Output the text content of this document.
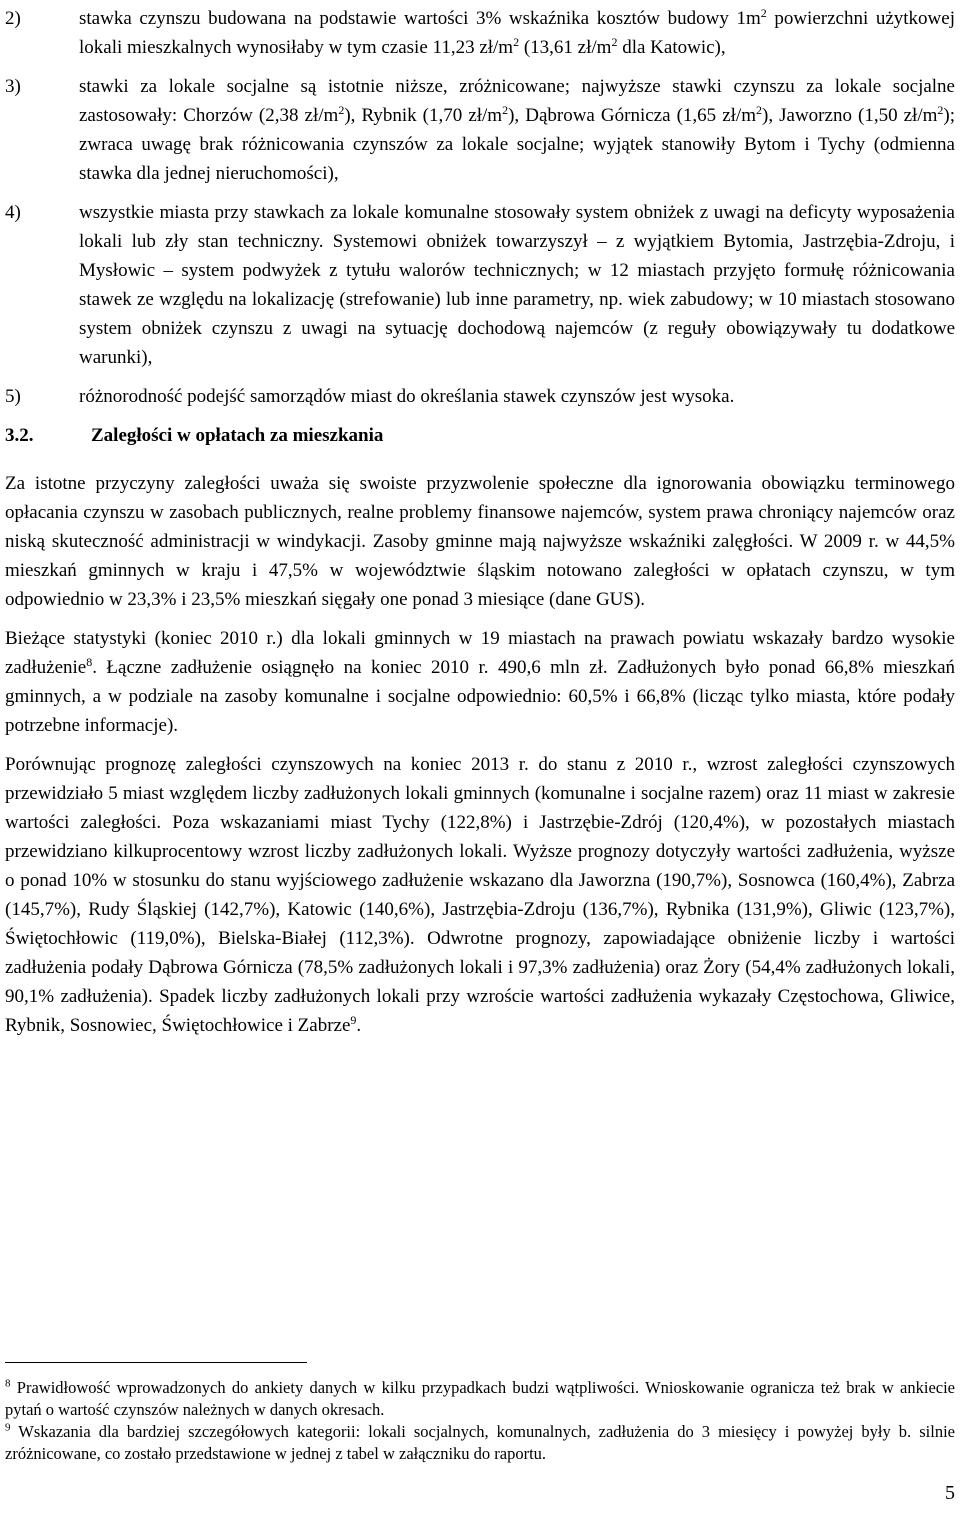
2)	stawka czynszu budowana na podstawie wartości 3% wskaźnika kosztów budowy $1m^2$ powierzchni użytkowej lokali mieszkalnych wynosiłaby w tym czasie 11,23 $zł/m^2$ (13,61 $zł/m^2$ dla Katowic),
3)	stawki za lokale socjalne są istotnie niższe, zróżnicowane; najwyższe stawki czynszu za lokale socjalne zastosowały: Chorzów (2,38 $zł/m^2$), Rybnik (1,70 $zł/m^2$), Dąbrowa Górnicza (1,65 $zł/m^2$), Jaworzno (1,50 $zł/m^2$); zwraca uwagę brak różnicowania czynszów za lokale socjalne; wyjątek stanowiły Bytom i Tychy (odmienna stawka dla jednej nieruchomości),
4)	wszystkie miasta przy stawkach za lokale komunalne stosowały system obniżek z uwagi na deficyty wyposażenia lokali lub zły stan techniczny. Systemowi obniżek towarzyszył – z wyjątkiem Bytomia, Jastrzębia-Zdroju, i Mysłowic – system podwyżek z tytułu walorów technicznych; w 12 miastach przyjęto formułę różnicowania stawek ze względu na lokalizację (strefowanie) lub inne parametry, np. wiek zabudowy; w 10 miastach stosowano system obniżek czynszu z uwagi na sytuację dochodową najemców (z reguły obowiązywały tu dodatkowe warunki),
5)	różnorodność podejść samorządów miast do określania stawek czynszów jest wysoka.
3.2.	Zaległości w opłatach za mieszkania

Za istotne przyczyny zaległości uważa się swoiste przyzwolenie społeczne dla ignorowania obowiązku terminowego opłacania czynszu w zasobach publicznych, realne problemy finansowe najemców, system prawa chroniący najemców oraz niską skuteczność administracji w windykacji. Zasoby gminne mają najwyższe wskaźniki zalęgłości. W 2009 r. w 44,5% mieszkań gminnych w kraju i 47,5% w województwie śląskim notowano zaległości w opłatach czynszu, w tym odpowiednio w 23,3% i 23,5% mieszkań sięgały one ponad 3 miesiące (dane GUS).

Bieżące statystyki (koniec 2010 r.) dla lokali gminnych w 19 miastach na prawach powiatu wskazały bardzo wysokie zadłużenie$^8$. Łączne zadłużenie osiągnęło na koniec 2010 r. 490,6 mln zł. Zadłużonych było ponad 66,8% mieszkań gminnych, a w podziale na zasoby komunalne i socjalne odpowiednio: 60,5% i 66,8% (licząc tylko miasta, które podały potrzebne informacje).

Porównując prognozę zaległości czynszowych na koniec 2013 r. do stanu z 2010 r., wzrost zaległości czynszowych przewidziało 5 miast względem liczby zadłużonych lokali gminnych (komunalne i socjalne razem) oraz 11 miast w zakresie wartości zaległości. Poza wskazaniami miast Tychy (122,8%) i Jastrzębie-Zdrój (120,4%), w pozostałych miastach przewidziano kilkuprocentowy wzrost liczby zadłużonych lokali. Wyższe prognozy dotyczyły wartości zadłużenia, wyższe o ponad 10% w stosunku do stanu wyjściowego zadłużenie wskazano dla Jaworzna (190,7%), Sosnowca (160,4%), Zabrza (145,7%), Rudy Śląskiej (142,7%), Katowic (140,6%), Jastrzębia-Zdroju (136,7%), Rybnika (131,9%), Gliwic (123,7%), Świętochłowic (119,0%), Bielska-Białej (112,3%). Odwrotne prognozy, zapowiadające obniżenie liczby i wartości zadłużenia podały Dąbrowa Górnicza (78,5% zadłużonych lokali i 97,3% zadłużenia) oraz Żory (54,4% zadłużonych lokali, 90,1% zadłużenia). Spadek liczby zadłużonych lokali przy wzroście wartości zadłużenia wykazały Częstochowa, Gliwice, Rybnik, Sosnowiec, Świętochłowice i Zabrze$^9$.

$^8$ Prawidłowość wprowadzonych do ankiety danych w kilku przypadkach budzi wątpliwości. Wnioskowanie ogranicza też brak w ankiecie pytań o wartość czynszów należnych w danych okresach.

$^9$ Wskazania dla bardziej szczegółowych kategorii: lokali socjalnych, komunalnych, zadłużenia do 3 miesięcy i powyżej były b. silnie zróżnicowane, co zostało przedstawione w jednej z tabel w załączniku do raportu.

5
